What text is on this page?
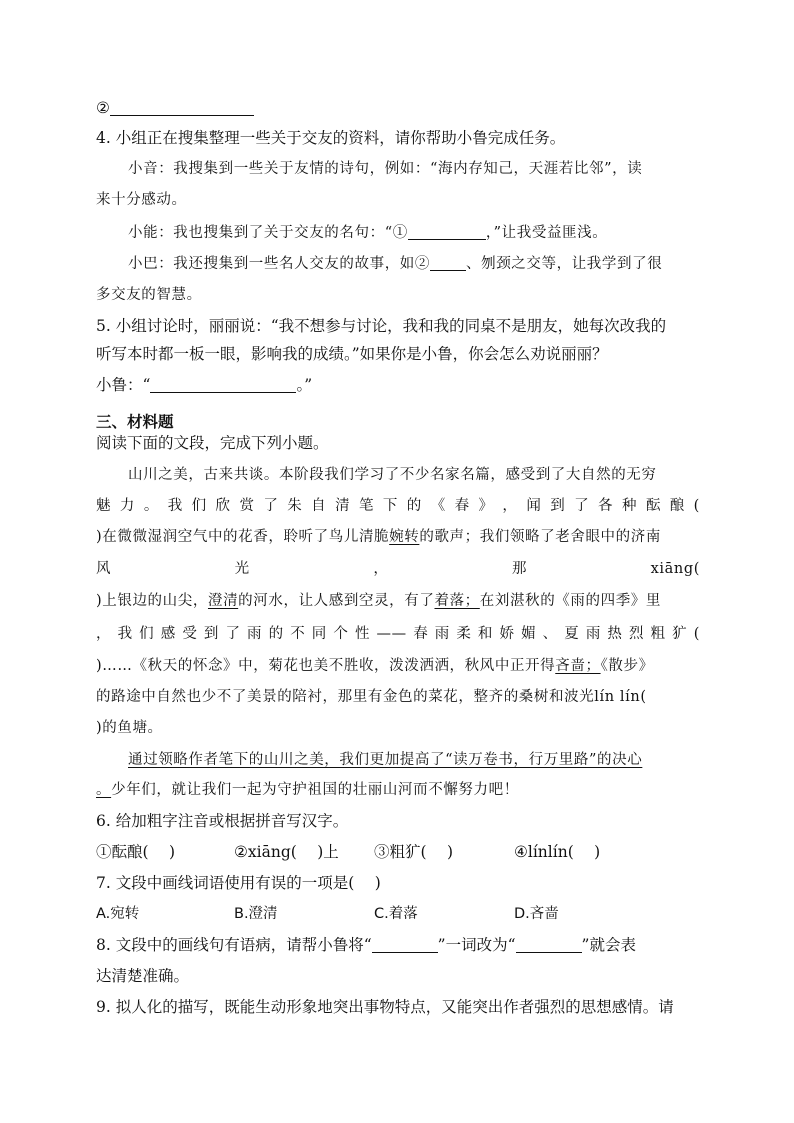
②
4. 小组正在搜集整理一些关于交友的资料，请你帮助小鲁完成任务。
小音：我搜集到一些关于友情的诗句，例如：“海内存知己，天涯若比邻”，读
来十分感动。
小能：我也搜集到了关于交友的名句：“①	，”让我受益匪浅。
小巴：我还搜集到一些名人交友的故事，如② 、刎颈之交等，让我学到了很
多交友的智慧。
5. 小组讨论时，丽丽说：“我不想参与讨论，我和我的同桌不是朋友，她每次改我的
听写本时都一板一眼，影响我的成绩。”如果你是小鲁，你会怎么劝说丽丽？
小鲁：“	。”
三、材料题
阅读下面的文段，完成下列小题。
山川之美，古来共谈。本阶段我们学习了不少名家名篇，感受到了大自然的无穷
魅 力 。 我 们 欣 赏 了 朱 自 清 笔 下 的 《 春 》 ， 闻 到 了 各 种 酝 酿 (
)在微微湿润空气中的花香，聆听了鸟儿清脆婉转的歌声；我们领略了老舍眼中的济南
风	光	，	那	xiāng(
)上银边的山尖，澄清的河水，让人感到空灵，有了着落；在刘湛秋的《雨的四季》里
， 我 们 感 受 到 了 雨 的 不 同 个 性 —— 春 雨 柔 和 娇 媚 、 夏 雨 热 烈 粗 犷 (
)……《秋天的怀念》中，菊花也美不胜收，泼泼洒洒，秋风中正开得吝啬；《散步》
的路途中自然也少不了美景的陪衬，那里有金色的菜花，整齐的桑树和波光lín lín(
)的鱼塘。
通过领略作者笔下的山川之美，我们更加提高了“读万卷书，行万里路”的决心
。少年们，就让我们一起为守护祖国的壮丽山河而不懈努力吧！
6. 给加粗字注音或根据拼音写汉字。
①酝酿(　 )	②xiāng(　 )上 ③粗犷(　 )	④línlín(　 )
7. 文段中画线词语使用有误的一项是(　 )
A.宛转	B.澄清	C.着落	D.吝啬
8. 文段中的画线句有语病，请帮小鲁将“	”一词改为“	”就会表
达清楚准确。
9. 拟人化的描写，既能生动形象地突出事物特点，又能突出作者强烈的思想感情。请
